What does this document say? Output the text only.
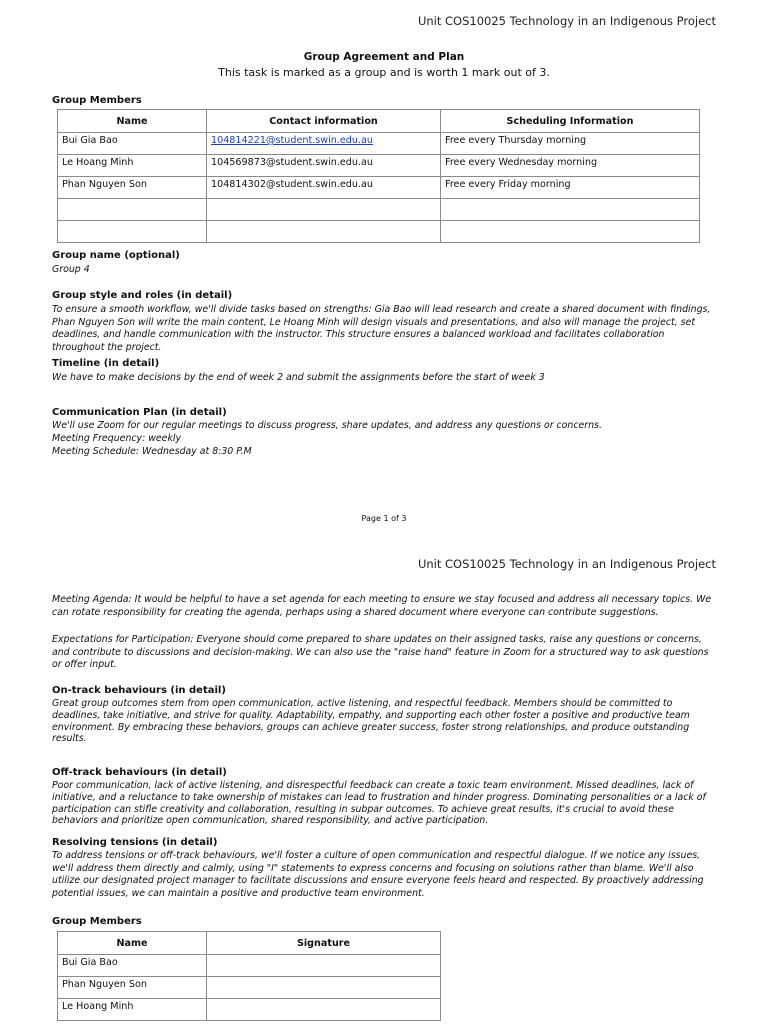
Unit COS10025 Technology in an Indigenous Project
Group Agreement and Plan
This task is marked as a group and is worth 1 mark out of 3.
Group Members
Name	Contact information	Scheduling Information
Bui Gia Bao	104814221@student.swin.edu.au	Free every Thursday morning
Le Hoang Minh	104569873@student.swin.edu.au	Free every Wednesday morning
Phan Nguyen Son	104814302@student.swin.edu.au	Free every Friday morning

Group name (optional)
Group 4
Group style and roles (in detail)
To ensure a smooth workflow, we'll divide tasks based on strengths: Gia Bao will lead research and create a shared document with findings, Phan Nguyen Son will write the main content, Le Hoang Minh will design visuals and presentations, and also will manage the project, set deadlines, and handle communication with the instructor. This structure ensures a balanced workload and facilitates collaboration throughout the project.
Timeline (in detail)
We have to make decisions by the end of week 2 and submit the assignments before the start of week 3
Communication Plan (in detail)
We'll use Zoom for our regular meetings to discuss progress, share updates, and address any questions or concerns.
Meeting Frequency: weekly
Meeting Schedule: Wednesday at 8:30 P.M
Page 1 of 3
Unit COS10025 Technology in an Indigenous Project
Meeting Agenda: It would be helpful to have a set agenda for each meeting to ensure we stay focused and address all necessary topics. We can rotate responsibility for creating the agenda, perhaps using a shared document where everyone can contribute suggestions.
Expectations for Participation: Everyone should come prepared to share updates on their assigned tasks, raise any questions or concerns, and contribute to discussions and decision-making. We can also use the "raise hand" feature in Zoom for a structured way to ask questions or offer input.
On-track behaviours (in detail)
Great group outcomes stem from open communication, active listening, and respectful feedback. Members should be committed to deadlines, take initiative, and strive for quality. Adaptability, empathy, and supporting each other foster a positive and productive team environment. By embracing these behaviors, groups can achieve greater success, foster strong relationships, and produce outstanding results.
Off-track behaviours (in detail)
Poor communication, lack of active listening, and disrespectful feedback can create a toxic team environment. Missed deadlines, lack of initiative, and a reluctance to take ownership of mistakes can lead to frustration and hinder progress. Dominating personalities or a lack of participation can stifle creativity and collaboration, resulting in subpar outcomes. To achieve great results, it's crucial to avoid these behaviors and prioritize open communication, shared responsibility, and active participation.
Resolving tensions (in detail)
To address tensions or off-track behaviours, we'll foster a culture of open communication and respectful dialogue. If we notice any issues, we'll address them directly and calmly, using "I" statements to express concerns and focusing on solutions rather than blame. We'll also utilize our designated project manager to facilitate discussions and ensure everyone feels heard and respected. By proactively addressing potential issues, we can maintain a positive and productive team environment.
Group Members
Name	Signature
Bui Gia Bao	
Phan Nguyen Son	
Le Hoang Minh	
